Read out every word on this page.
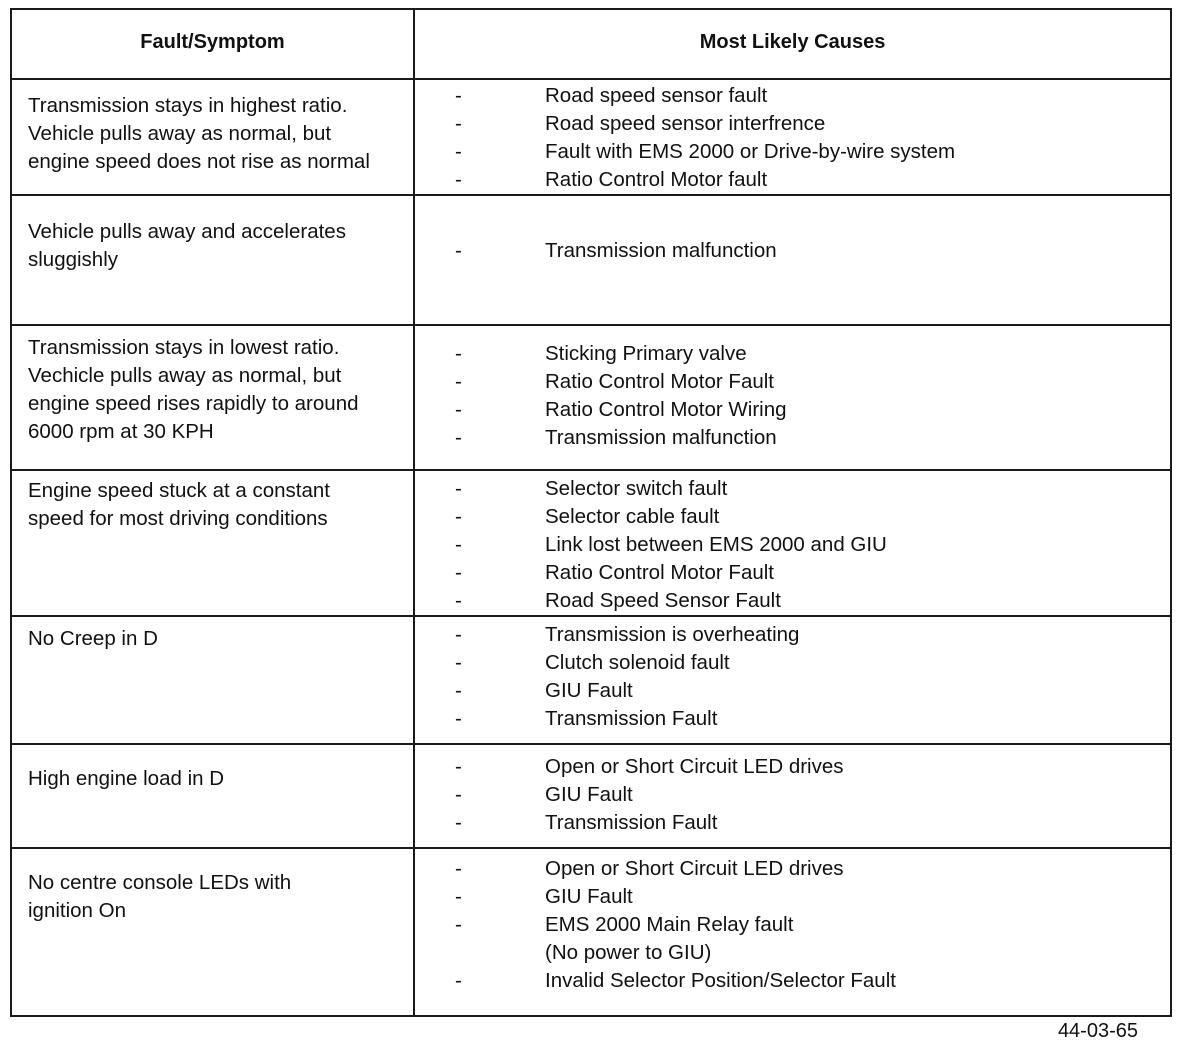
Fault/Symptom	Most Likely Causes
Transmission stays in highest ratio.
Vehicle pulls away as normal, but
engine speed does not rise as normal
-	Road speed sensor fault
-	Road speed sensor interfrence
-	Fault with EMS 2000 or Drive-by-wire system
-	Ratio Control Motor fault
Vehicle pulls away and accelerates
sluggishly	-	Transmission malfunction
Transmission stays in lowest ratio.
Vechicle pulls away as normal, but
engine speed rises rapidly to around
6000 rpm at 30 KPH
-	Sticking Primary valve
-	Ratio Control Motor Fault
-	Ratio Control Motor Wiring
-	Transmission malfunction
Engine speed stuck at a constant
speed for most driving conditions
-	Selector switch fault
-	Selector cable fault
-	Link lost between EMS 2000 and GIU
-	Ratio Control Motor Fault
-	Road Speed Sensor Fault
No Creep in D	-	Transmission is overheating
-	Clutch solenoid fault
-	GIU Fault
-	Transmission Fault
High engine load in D
-	Open or Short Circuit LED drives
-	GIU Fault
-	Transmission Fault
No centre console LEDs with
ignition On
-	Open or Short Circuit LED drives
-	GIU Fault
-	EMS 2000 Main Relay fault
(No power to GIU)
-	Invalid Selector Position/Selector Fault
44-03-65
